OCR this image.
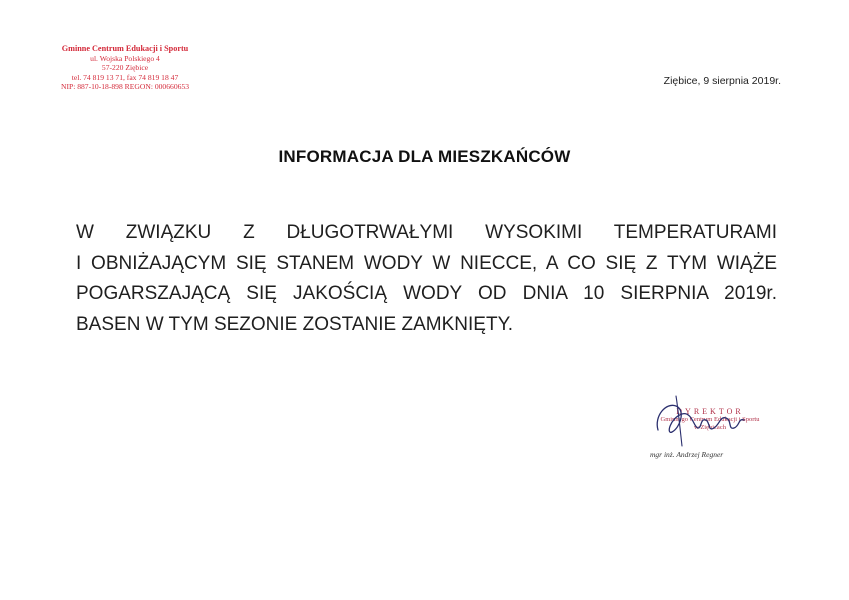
Gminne Centrum Edukacji i Sportu
ul. Wojska Polskiego 4
57-220 Ziębice
tel. 74 819 13 71, fax 74 819 18 47
NIP: 887-10-18-898 REGON: 000660653	Ziębice, 9 sierpnia 2019r.
INFORMACJA DLA MIESZKAŃCÓW
W ZWIĄZKU Z DŁUGOTRWAŁYMI WYSOKIMI TEMPERATURAMI
I OBNIŻAJĄCYM SIĘ STANEM WODY W NIECCE, A CO SIĘ Z TYM WIĄŻE
POGARSZAJĄCĄ SIĘ JAKOŚCIĄ WODY OD DNIA 10 SIERPNIA 2019r.
BASEN W TYM SEZONIE ZOSTANIE ZAMKNIĘTY.
DYREKTOR
Gminnego Centrum Edukacji i Sportu
w Ziębicach
mgr inż. Andrzej Regner
